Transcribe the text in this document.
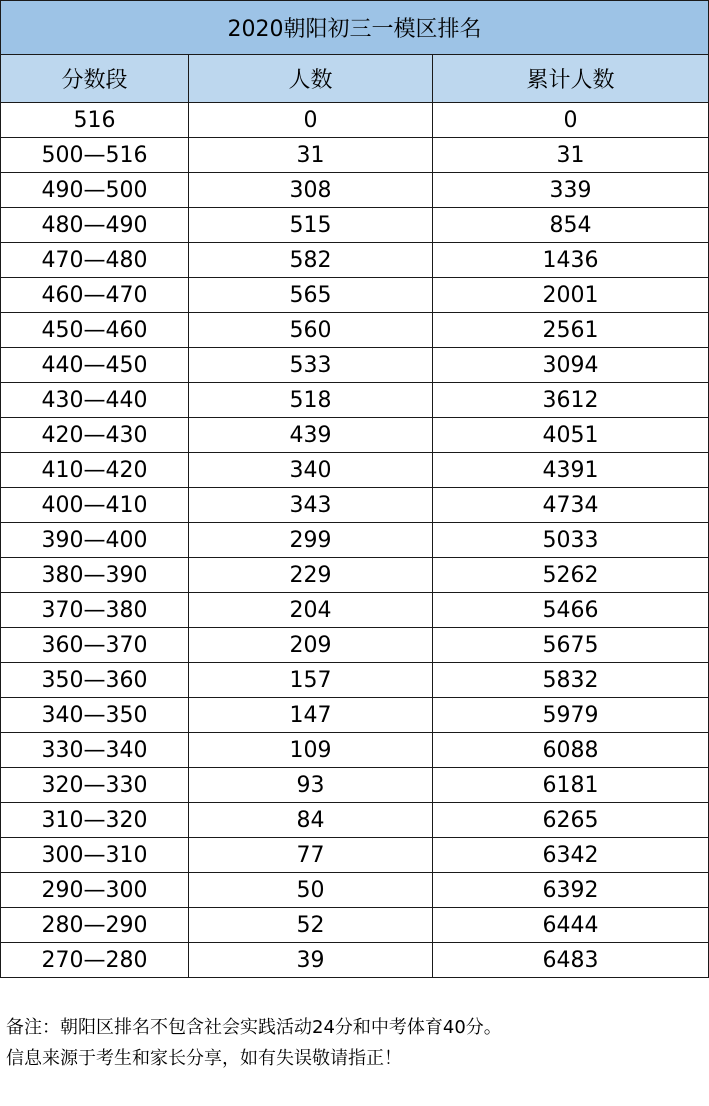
2020朝阳初三一模区排名		
分数段	人数	累计人数
516	0	0
500—516	31	31
490—500	308	339
480—490	515	854
470—480	582	1436
460—470	565	2001
450—460	560	2561
440—450	533	3094
430—440	518	3612
420—430	439	4051
410—420	340	4391
400—410	343	4734
390—400	299	5033
380—390	229	5262
370—380	204	5466
360—370	209	5675
350—360	157	5832
340—350	147	5979
330—340	109	6088
320—330	93	6181
310—320	84	6265
300—310	77	6342
290—300	50	6392
280—290	52	6444
270—280	39	6483
备注：朝阳区排名不包含社会实践活动24分和中考体育40分。
信息来源于考生和家长分享，如有失误敬请指正！
